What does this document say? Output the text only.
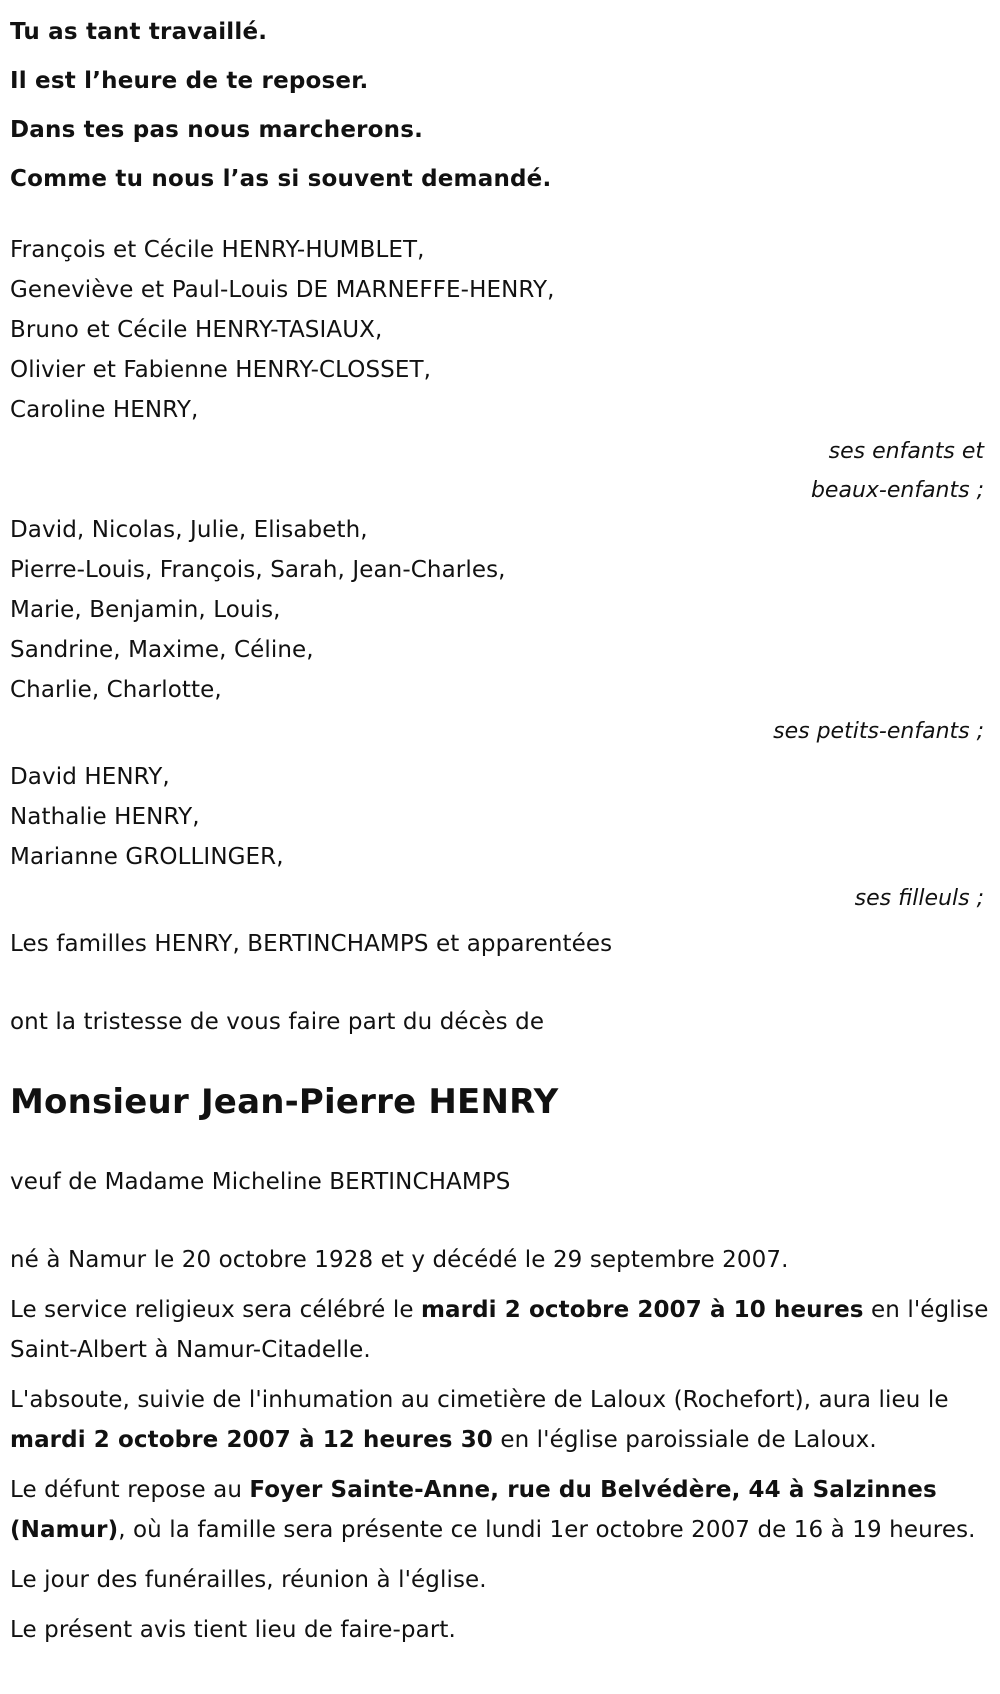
Tu as tant travaillé.
Il est l’heure de te reposer.
Dans tes pas nous marcherons.
Comme tu nous l’as si souvent demandé.
François et Cécile HENRY-HUMBLET,
Geneviève et Paul-Louis DE MARNEFFE-HENRY,
Bruno et Cécile HENRY-TASIAUX,
Olivier et Fabienne HENRY-CLOSSET,
Caroline HENRY,
ses enfants et
beaux-enfants ;
David, Nicolas, Julie, Elisabeth,
Pierre-Louis, François, Sarah, Jean-Charles,
Marie, Benjamin, Louis,
Sandrine, Maxime, Céline,
Charlie, Charlotte,
ses petits-enfants ;
David HENRY,
Nathalie HENRY,
Marianne GROLLINGER,
ses filleuls ;

Les familles HENRY, BERTINCHAMPS et apparentées

ont la tristesse de vous faire part du décès de

Monsieur Jean-Pierre HENRY

veuf de Madame Micheline BERTINCHAMPS

né à Namur le 20 octobre 1928 et y décédé le 29 septembre 2007.

Le service religieux sera célébré le mardi 2 octobre 2007 à 10 heures en l'église Saint-Albert à Namur-Citadelle.

L'absoute, suivie de l'inhumation au cimetière de Laloux (Rochefort), aura lieu le mardi 2 octobre 2007 à 12 heures 30 en l'église paroissiale de Laloux.

Le défunt repose au Foyer Sainte-Anne, rue du Belvédère, 44 à Salzinnes (Namur), où la famille sera présente ce lundi 1er octobre 2007 de 16 à 19 heures.

Le jour des funérailles, réunion à l'église.

Le présent avis tient lieu de faire-part.
